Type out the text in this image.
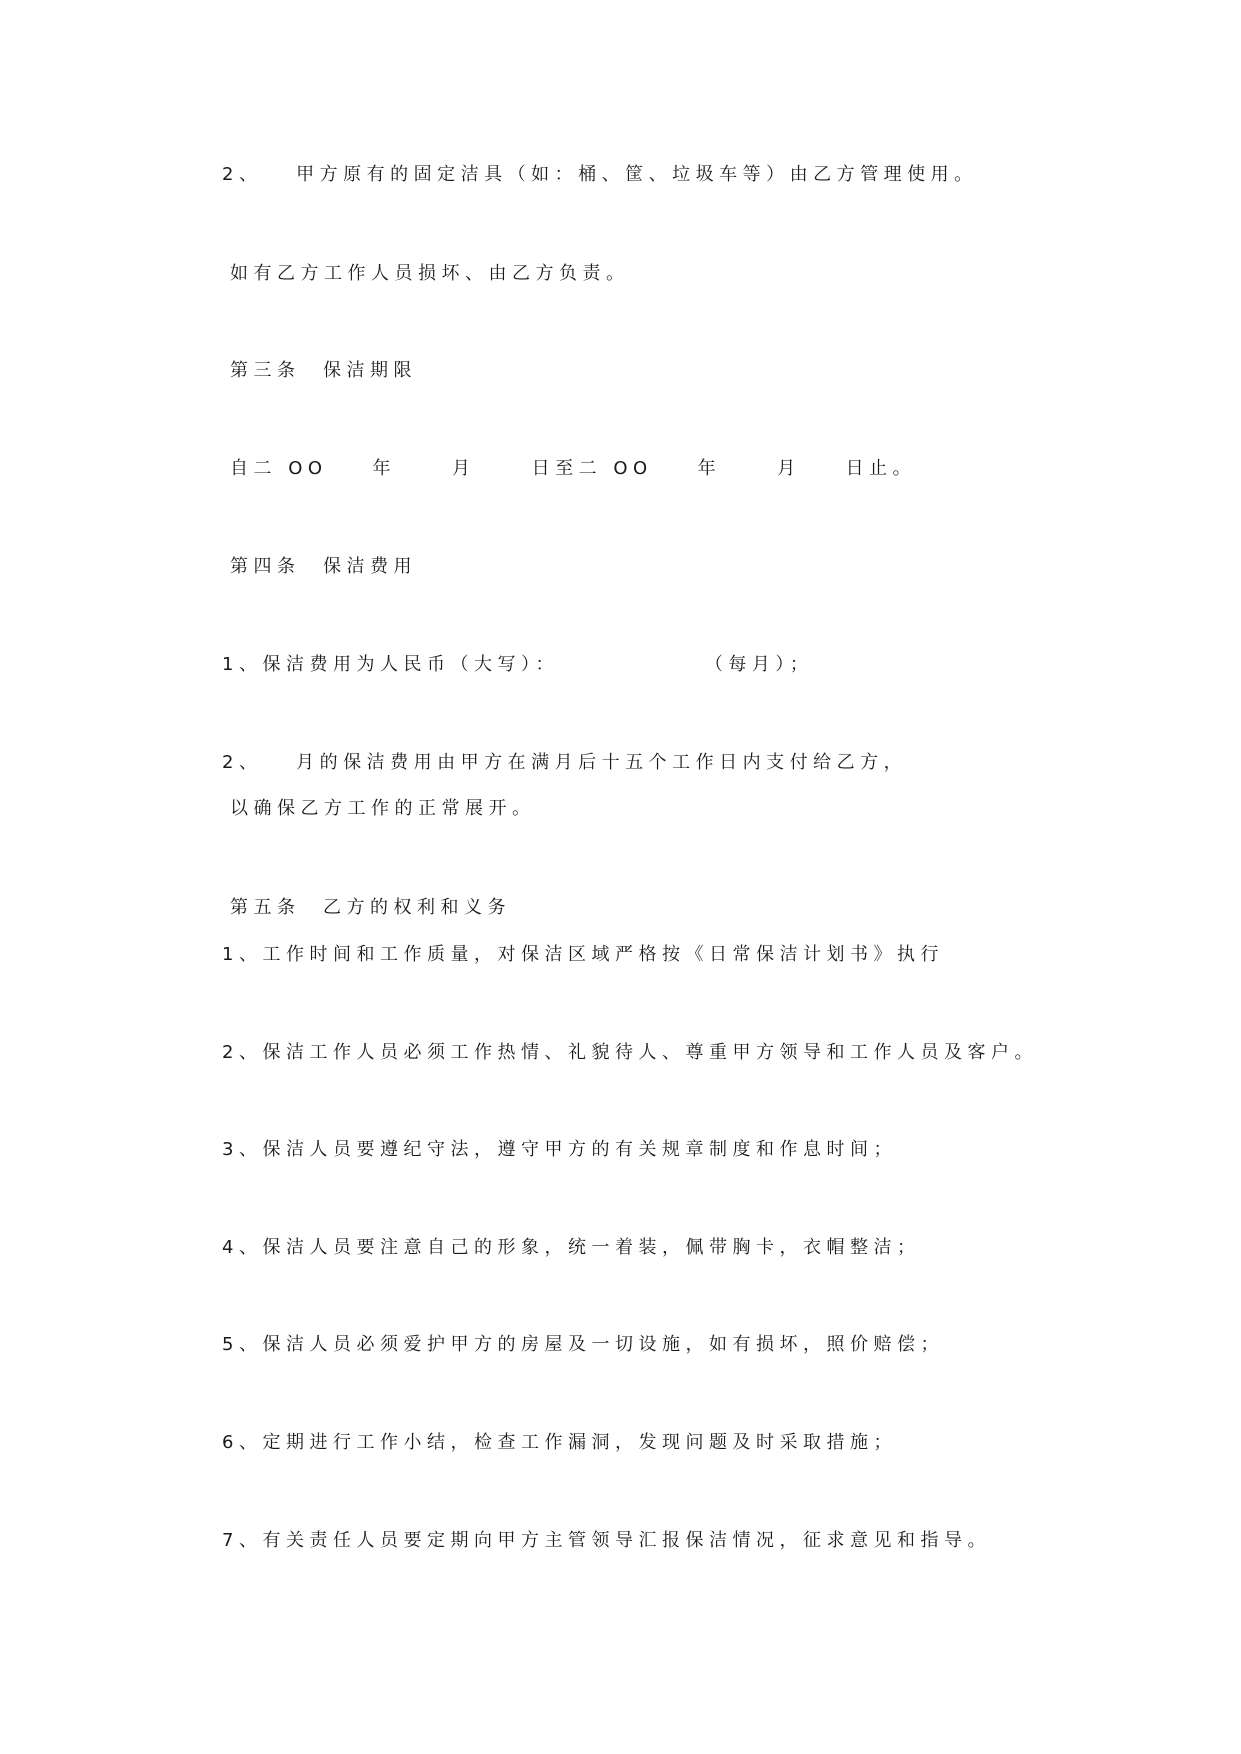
2、   甲方原有的固定洁具（如：桶、筐、垃圾车等）由乙方管理使用。
如有乙方工作人员损坏、由乙方负责。
第三条  保洁期限
自二 OO    年     月     日至二 OO    年     月    日止。
第四条  保洁费用
1、保洁费用为人民币（大写）：             （每月）；
2、   月的保洁费用由甲方在满月后十五个工作日内支付给乙方，
以确保乙方工作的正常展开。
第五条  乙方的权利和义务
1、工作时间和工作质量，对保洁区域严格按《日常保洁计划书》执行
2、保洁工作人员必须工作热情、礼貌待人、尊重甲方领导和工作人员及客户。
3、保洁人员要遵纪守法，遵守甲方的有关规章制度和作息时间；
4、保洁人员要注意自己的形象，统一着装，佩带胸卡，衣帽整洁；
5、保洁人员必须爱护甲方的房屋及一切设施，如有损坏，照价赔偿；
6、定期进行工作小结，检查工作漏洞，发现问题及时采取措施；
7、有关责任人员要定期向甲方主管领导汇报保洁情况，征求意见和指导。
